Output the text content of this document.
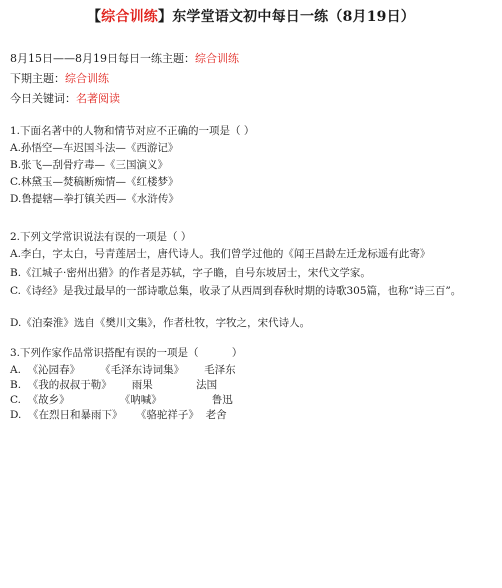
【综合训练】东学堂语文初中每日一练（8月19日）
8月15日——8月19日每日一练主题：综合训练
下期主题：综合训练
今日关键词：名著阅读
1.下面名著中的人物和情节对应不正确的一项是（ ）
A.孙悟空—车迟国斗法—《西游记》
B.张飞—刮骨疗毒—《三国演义》
C.林黛玉—焚稿断痴情—《红楼梦》
D.鲁提辖—拳打镇关西—《水浒传》
2.下列文学常识说法有误的一项是（ ）
A.李白，字太白，号青莲居士，唐代诗人。我们曾学过他的《闻王昌龄左迁龙标遥有此寄》
B.《江城子·密州出猎》的作者是苏轼，字子瞻，自号东坡居士，宋代文学家。
C.《诗经》是我过最早的一部诗歌总集，收录了从西周到春秋时期的诗歌305篇，也称“诗三百”。
D.《泊秦淮》选自《樊川文集》，作者杜牧，字牧之，宋代诗人。
3.下列作家作品常识搭配有误的一项是（          ）
A.  《沁园春》      《毛泽东诗词集》      毛泽东
B.  《我的叔叔于勒》      雨果             法国
C.  《故乡》               《呐喊》               鲁迅
D.  《在烈日和暴雨下》    《骆驼祥子》  老舍
